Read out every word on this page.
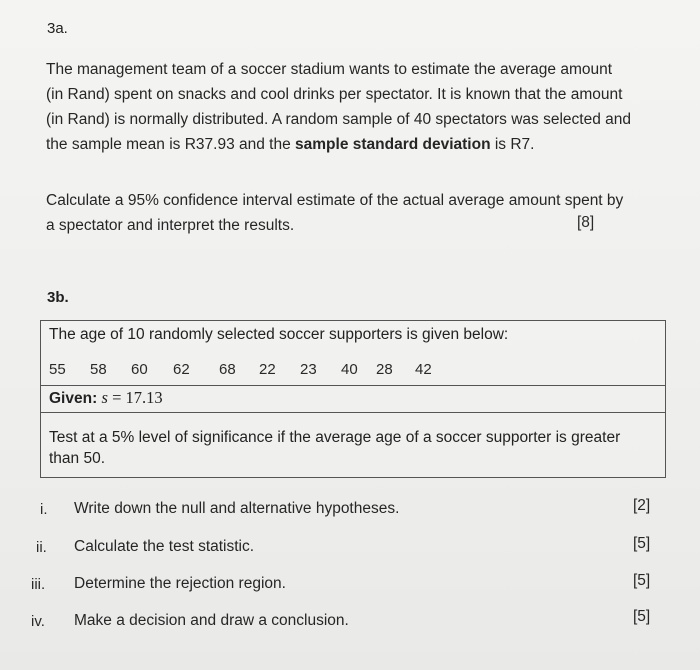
3a.

The management team of a soccer stadium wants to estimate the average amount

(in Rand) spent on snacks and cool drinks per spectator. It is known that the amount

(in Rand) is normally distributed. A random sample of 40 spectators was selected and

the sample mean is R37.93 and the sample standard deviation is R7.

Calculate a 95% confidence interval estimate of the actual average amount spent by

a spectator and interpret the results.	[8]
3b.
The age of 10 randomly selected soccer supporters is given below:
55 58 60 62 68 22 23 40 28 42
Given: s = 17.13
Test at a 5% level of significance if the average age of a soccer supporter is greater
than 50.
i. Write down the null and alternative hypotheses.	[2]
ii. Calculate the test statistic.	[5]
iii. Determine the rejection region.	[5]
iv. Make a decision and draw a conclusion.	[5]
